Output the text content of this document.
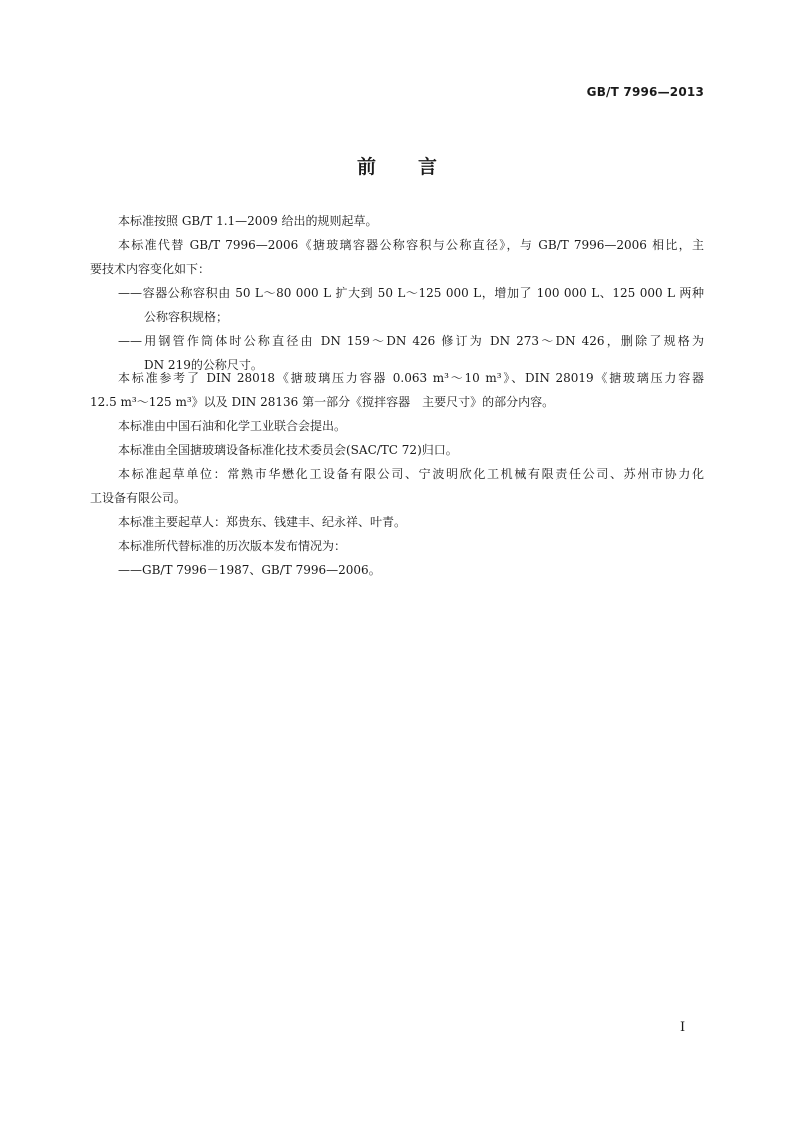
GB/T 7996—2013
前 言
本标准按照 GB/T 1.1—2009 给出的规则起草。
本标准代替 GB/T 7996—2006《搪玻璃容器公称容积与公称直径》，与 GB/T 7996—2006 相比，主
要技术内容变化如下：
——容器公称容积由 50 L～80 000 L 扩大到 50 L～125 000 L，增加了 100 000 L、125 000 L 两种
公称容积规格；
——用钢管作筒体时公称直径由 DN 159～DN 426 修订为 DN 273～DN 426，删除了规格为
DN 219的公称尺寸。
本标准参考了 DIN 28018《搪玻璃压力容器 0.063 m³～10 m³》、DIN 28019《搪玻璃压力容器
12.5 m³～125 m³》以及 DIN 28136 第一部分《搅拌容器　主要尺寸》的部分内容。
本标准由中国石油和化学工业联合会提出。
本标准由全国搪玻璃设备标准化技术委员会(SAC/TC 72)归口。
本标准起草单位：常熟市华懋化工设备有限公司、宁波明欣化工机械有限责任公司、苏州市协力化
工设备有限公司。
本标准主要起草人：郑贵东、钱建丰、纪永祥、叶青。
本标准所代替标准的历次版本发布情况为：
——GB/T 7996－1987、GB/T 7996—2006。
I
